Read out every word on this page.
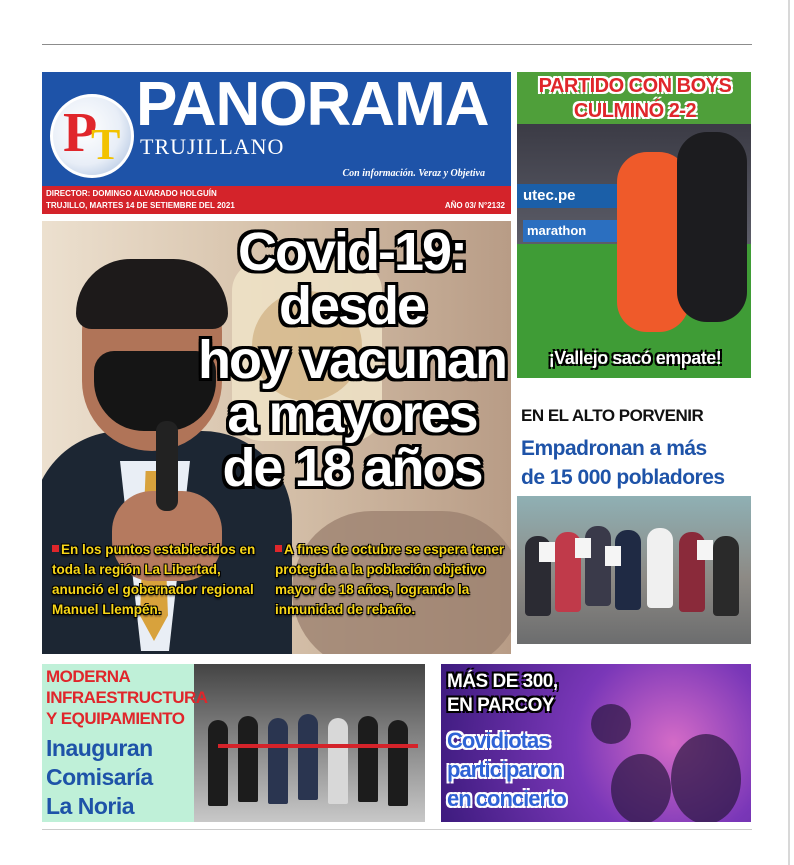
P
T
PANORAMA
TRUJILLANO
Con información. Veraz y Objetiva
DIRECTOR: DOMINGO ALVARADO HOLGUÍN
TRUJILLO, MARTES 14 DE SETIEMBRE DEL 2021	AÑO 03/ N°2132
Covid-19:
desde
hoy vacunan
a mayores
de 18 años
En los puntos establecidos en toda la región La Libertad, anunció el gobernador regional Manuel Llempén.
A fines de octubre se espera tener protegida a la población objetivo mayor de 18 años, logrando la inmunidad de rebaño.
utec.pe
marathon
PARTIDO CON BOYS
CULMINÓ 2-2
¡Vallejo sacó empate!
EN EL ALTO PORVENIR
Empadronan a más
de 15 000 pobladores
MODERNA
INFRAESTRUCTURA
Y EQUIPAMIENTO
Inauguran
Comisaría
La Noria
MÁS DE 300,
EN PARCOY
Covidiotas
participaron
en concierto
